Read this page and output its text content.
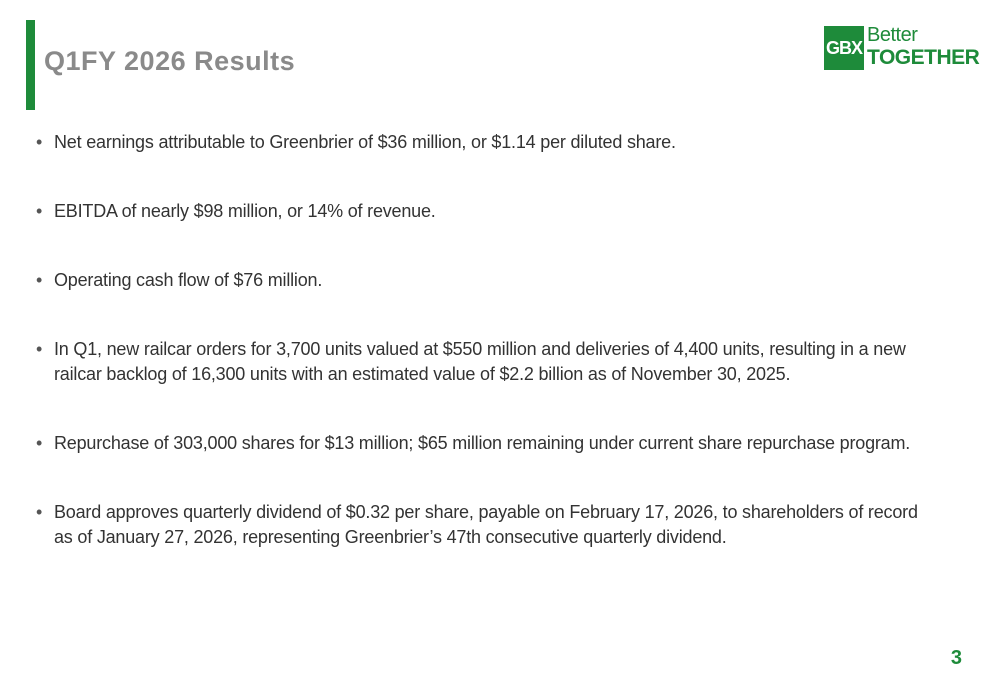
Q1FY 2026 Results	GBX
Better
TOGETHER
• Net earnings attributable to Greenbrier of $36 million, or $1.14 per diluted share.
• EBITDA of nearly $98 million, or 14% of revenue.
• Operating cash flow of $76 million.
• In Q1, new railcar orders for 3,700 units valued at $550 million and deliveries of 4,400 units, resulting in a new railcar backlog of 16,300 units with an estimated value of $2.2 billion as of November 30, 2025.
• Repurchase of 303,000 shares for $13 million; $65 million remaining under current share repurchase program.
• Board approves quarterly dividend of $0.32 per share, payable on February 17, 2026, to shareholders of record as of January 27, 2026, representing Greenbrier’s 47th consecutive quarterly dividend.
3
